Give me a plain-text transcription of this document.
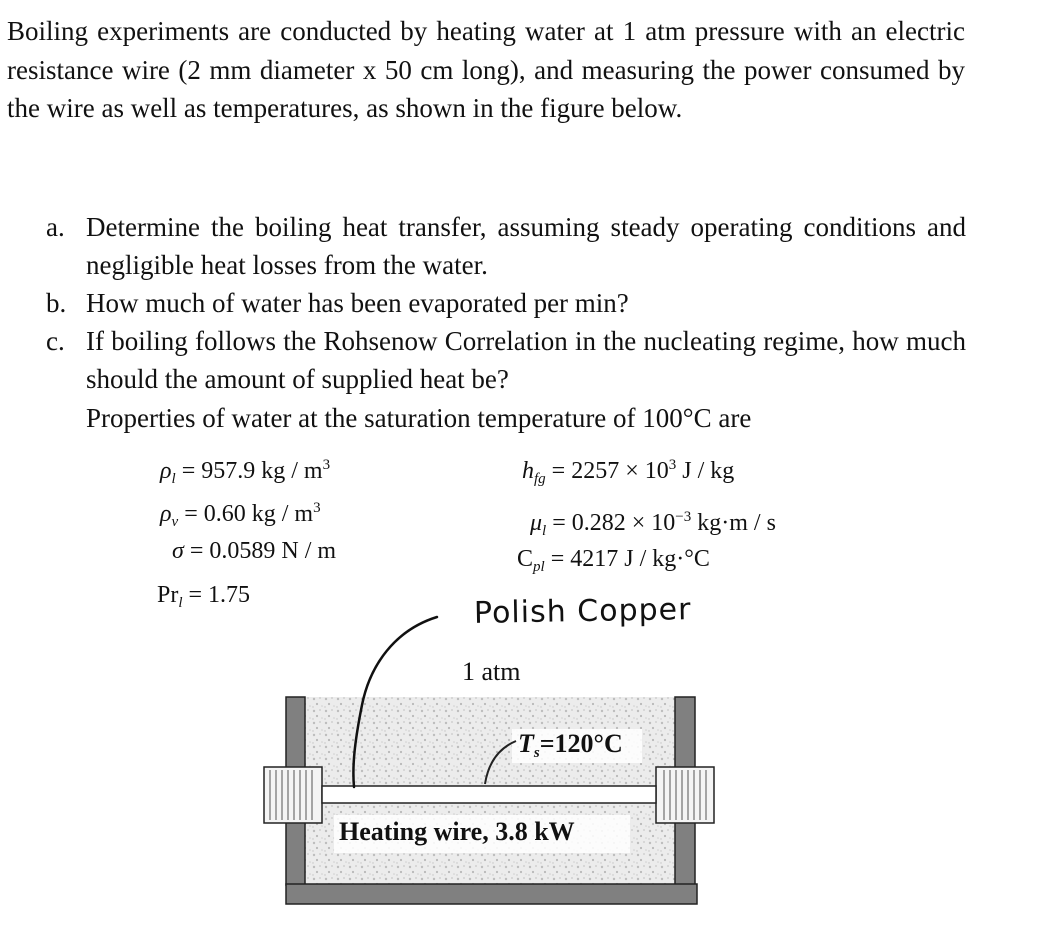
Boiling experiments are conducted by heating water at 1 atm pressure with an electric resistance wire (2 mm diameter x 50 cm long), and measuring the power consumed by the wire as well as temperatures, as shown in the figure below.
a. Determine the boiling heat transfer, assuming steady operating conditions and negligible heat losses from the water.
b. How much of water has been evaporated per min?
c. If boiling follows the Rohsenow Correlation in the nucleating regime, how much should the amount of supplied heat be?
Properties of water at the saturation temperature of 100°C are
$\rho_l = 957.9$ kg / $m^3$
$\rho_v = 0.60$ kg / $m^3$
σ = 0.0589 N / m
$Pr_l = 1.75$
$h_{fg} = 2257 \times 10^3$ J / kg
$\mu_l = 0.282 \times 10^{-3}$ kg·m / s
$C_{pl} = 4217$ J / kg·°C
Polish Copper
1 atm
Ts=120°C
Heating wire, 3.8 kW
